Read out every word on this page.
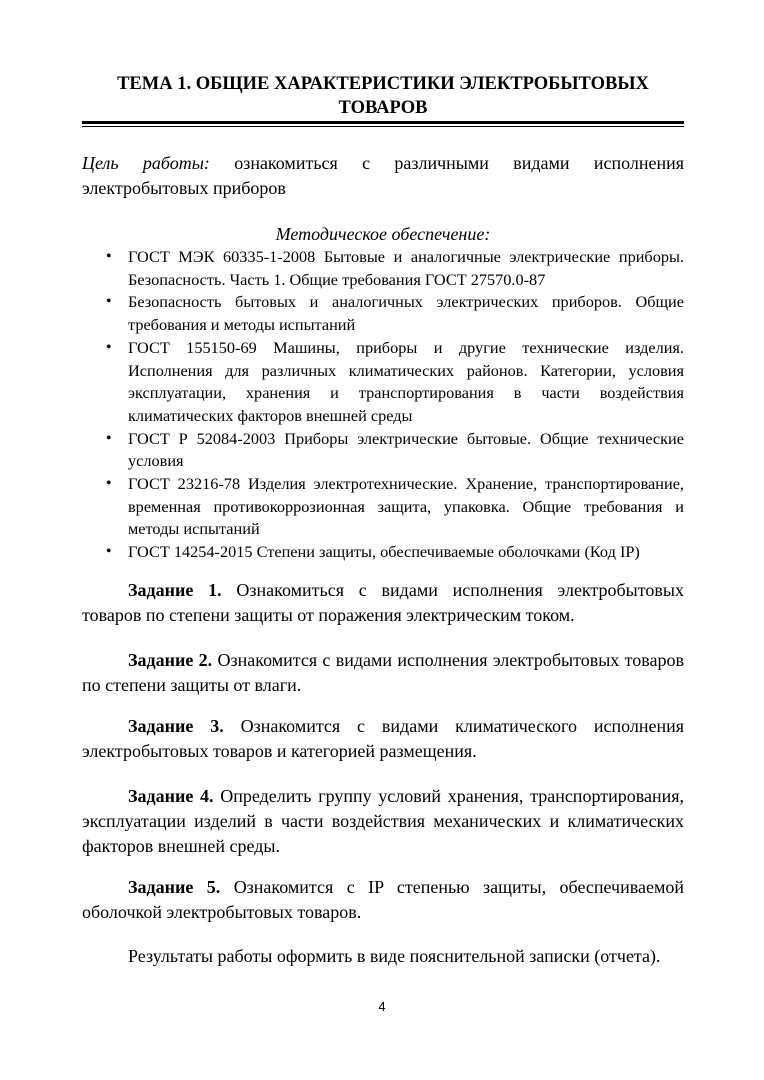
ТЕМА 1. ОБЩИЕ ХАРАКТЕРИСТИКИ ЭЛЕКТРОБЫТОВЫХ
ТОВАРОВ
Цель работы: ознакомиться с различными видами исполнения электробытовых приборов
Методическое обеспечение:
• ГОСТ МЭК 60335-1-2008 Бытовые и аналогичные электрические приборы. Безопасность. Часть 1. Общие требования ГОСТ 27570.0-87
• Безопасность бытовых и аналогичных электрических приборов. Общие требования и методы испытаний
• ГОСТ 155150-69 Машины, приборы и другие технические изделия. Исполнения для различных климатических районов. Категории, условия эксплуатации, хранения и транспортирования в части воздействия климатических факторов внешней среды
• ГОСТ Р 52084-2003 Приборы электрические бытовые. Общие технические условия
• ГОСТ 23216-78 Изделия электротехнические. Хранение, транспортирование, временная противокоррозионная защита, упаковка. Общие требования и методы испытаний
• ГОСТ 14254-2015 Степени защиты, обеспечиваемые оболочками (Код IP)

Задание 1. Ознакомиться с видами исполнения электробытовых товаров по степени защиты от поражения электрическим током.

Задание 2. Ознакомится с видами исполнения электробытовых товаров по степени защиты от влаги.

Задание 3. Ознакомится с видами климатического исполнения электробытовых товаров и категорией размещения.

Задание 4. Определить группу условий хранения, транспортирования, эксплуатации изделий в части воздействия механических и климатических факторов внешней среды.

Задание 5. Ознакомится с IP степенью защиты, обеспечиваемой оболочкой электробытовых товаров.

Результаты работы оформить в виде пояснительной записки (отчета).

4
